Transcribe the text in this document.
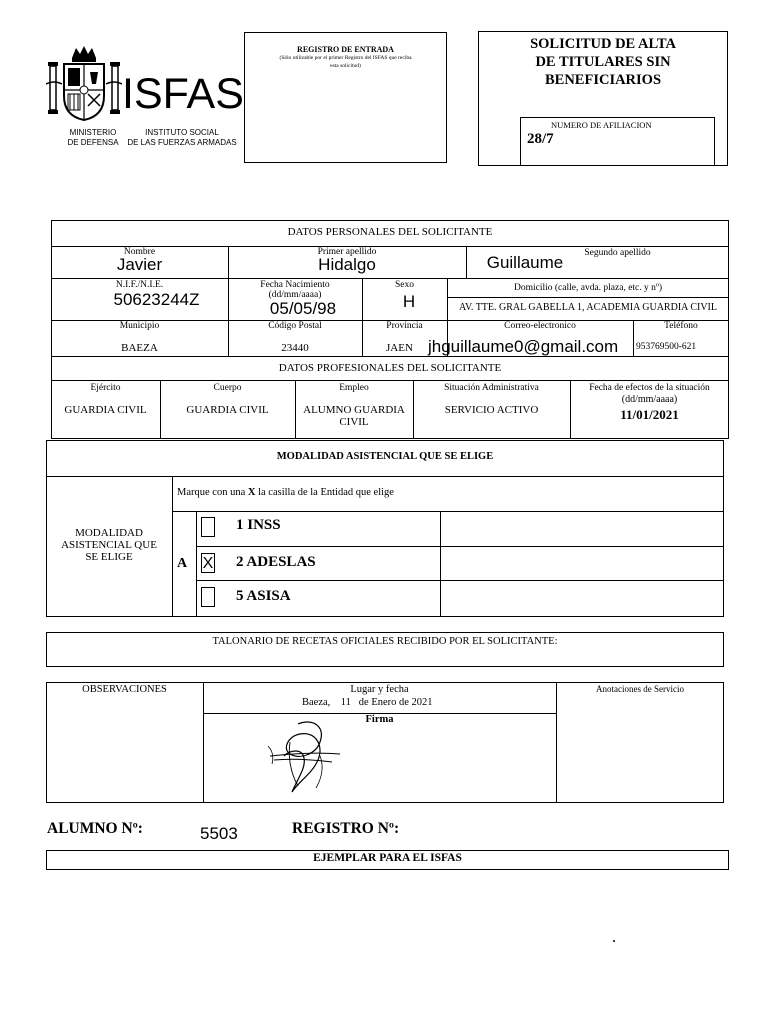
ISFAS
MINISTERIO
DE DEFENSA
INSTITUTO SOCIAL
DE LAS FUERZAS ARMADAS
REGISTRO DE ENTRADA
(Sólo utilizable por el primer Registro del ISFAS que reciba esta solicitud)
SOLICITUD DE ALTA
DE TITULARES SIN
BENEFICIARIOS
NUMERO DE AFILIACION
28/7
DATOS PERSONALES DEL SOLICITANTE
Nombre
Javier
Primer apellido
Hidalgo
Segundo apellido
Guillaume
N.I.F./N.I.E.
50623244Z
Fecha Nacimiento
(dd/mm/aaaa)
05/05/98
Sexo
H
Domicilio (calle, avda. plaza, etc. y nº)
AV. TTE. GRAL GABELLA 1, ACADEMIA GUARDIA CIVIL
Municipio
BAEZA
Código Postal
23440
Provincia
JAEN
Correo-electronico
jhguillaume0@gmail.com
Teléfono
953769500-621
DATOS PROFESIONALES DEL SOLICITANTE
Ejército
GUARDIA CIVIL
Cuerpo
GUARDIA CIVIL
Empleo
ALUMNO GUARDIA
CIVIL
Situación Administrativa
SERVICIO ACTIVO
Fecha de efectos de la situación
(dd/mm/aaaa)
11/01/2021
MODALIDAD ASISTENCIAL QUE SE ELIGE
Marque con una X la casilla de la Entidad que elige
MODALIDAD
ASISTENCIAL QUE
SE ELIGE	A
1 INSS
X 2 ADESLAS
5 ASISA
TALONARIO DE RECETAS OFICIALES RECIBIDO POR EL SOLICITANTE:
OBSERVACIONES	Lugar y fecha
Baeza, 11 de Enero de 2021
Firma
Anotaciones de Servicio
ALUMNO Nº:	5503	REGISTRO Nº:
EJEMPLAR PARA EL ISFAS
